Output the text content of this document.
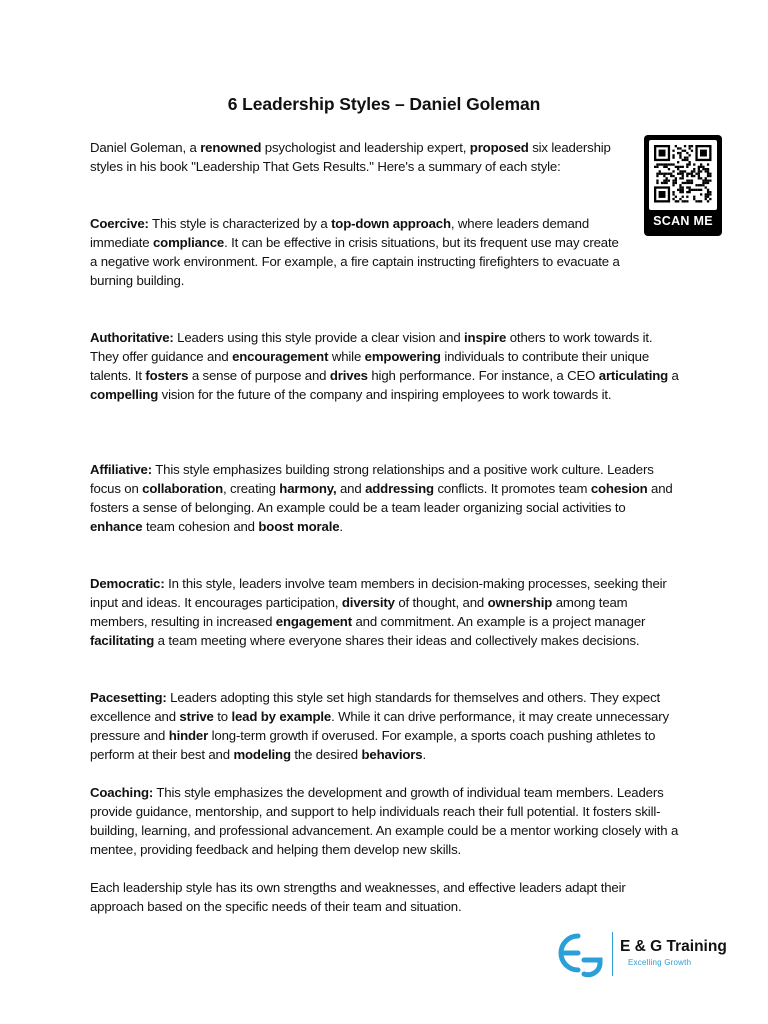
6 Leadership Styles – Daniel Goleman
Daniel Goleman, a renowned psychologist and leadership expert, proposed six leadership styles in his book "Leadership That Gets Results." Here's a summary of each style:
Coercive: This style is characterized by a top-down approach, where leaders demand immediate compliance. It can be effective in crisis situations, but its frequent use may create a negative work environment. For example, a fire captain instructing firefighters to evacuate a burning building.
Authoritative: Leaders using this style provide a clear vision and inspire others to work towards it. They offer guidance and encouragement while empowering individuals to contribute their unique talents. It fosters a sense of purpose and drives high performance. For instance, a CEO articulating a compelling vision for the future of the company and inspiring employees to work towards it.
Affiliative: This style emphasizes building strong relationships and a positive work culture. Leaders focus on collaboration, creating harmony, and addressing conflicts. It promotes team cohesion and fosters a sense of belonging. An example could be a team leader organizing social activities to enhance team cohesion and boost morale.
Democratic: In this style, leaders involve team members in decision-making processes, seeking their input and ideas. It encourages participation, diversity of thought, and ownership among team members, resulting in increased engagement and commitment. An example is a project manager facilitating a team meeting where everyone shares their ideas and collectively makes decisions.
Pacesetting: Leaders adopting this style set high standards for themselves and others. They expect excellence and strive to lead by example. While it can drive performance, it may create unnecessary pressure and hinder long-term growth if overused. For example, a sports coach pushing athletes to perform at their best and modeling the desired behaviors.
Coaching: This style emphasizes the development and growth of individual team members. Leaders provide guidance, mentorship, and support to help individuals reach their full potential. It fosters skill-building, learning, and professional advancement. An example could be a mentor working closely with a mentee, providing feedback and helping them develop new skills.
Each leadership style has its own strengths and weaknesses, and effective leaders adapt their approach based on the specific needs of their team and situation.
SCAN ME
E & G Training
Excelling Growth
